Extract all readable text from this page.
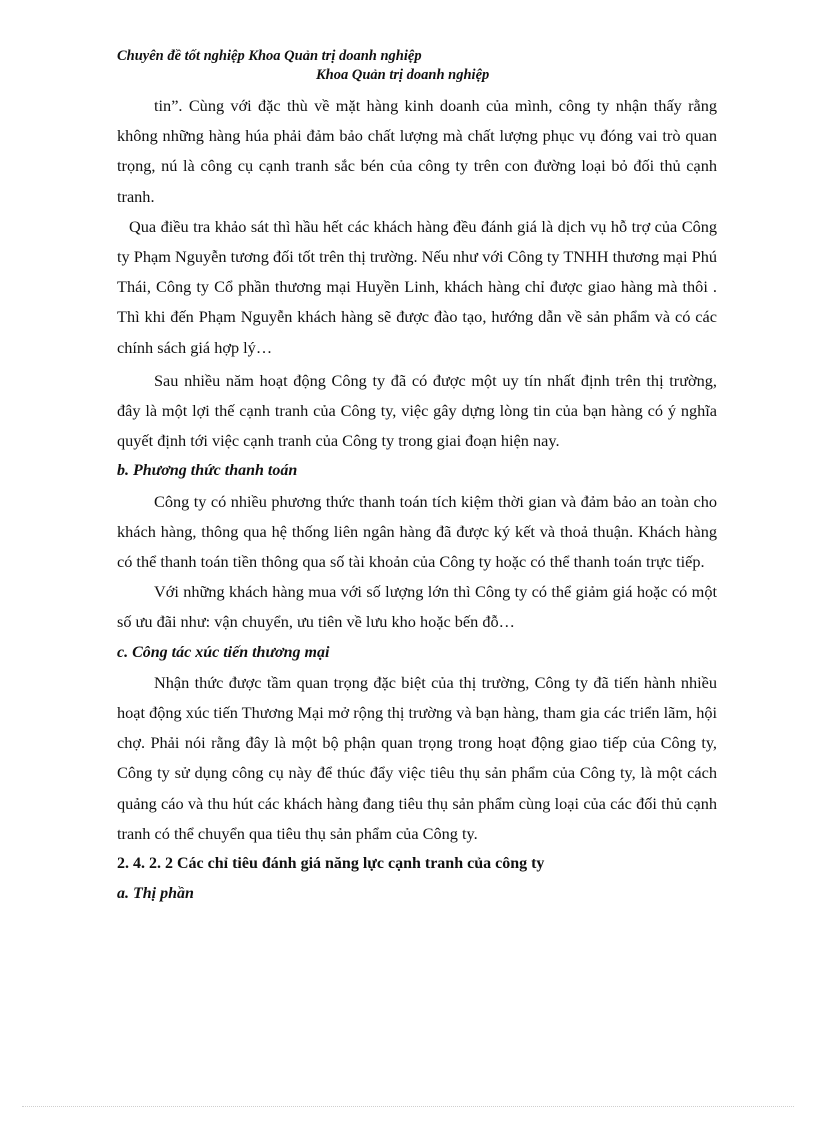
Chuyên đề tốt nghiệp Khoa Quản trị doanh nghiệp
Khoa Quản trị doanh nghiệp

tin”. Cùng với đặc thù về mặt hàng kinh doanh của mình, công ty nhận thấy rằng không những hàng húa phải đảm bảo chất lượng mà chất lượng phục vụ đóng vai trò quan trọng, nú là công cụ cạnh tranh sắc bén của công ty trên con đường loại bỏ đối thủ cạnh tranh.

Qua điều tra khảo sát thì hầu hết các khách hàng đều đánh giá là dịch vụ hỗ trợ của Công ty Phạm Nguyễn tương đối tốt trên thị trường. Nếu như với Công ty TNHH thương mại Phú Thái, Công ty Cổ phần thương mại Huyền Linh, khách hàng chỉ được giao hàng mà thôi . Thì khi đến Phạm Nguyễn khách hàng sẽ được đào tạo, hướng dẫn về sản phẩm và có các chính sách giá hợp lý…

Sau nhiều năm hoạt động Công ty đã có được một uy tín nhất định trên thị trường, đây là một lợi thế cạnh tranh của Công ty, việc gây dựng lòng tin của bạn hàng có ý nghĩa quyết định tới việc cạnh tranh của Công ty trong giai đoạn hiện nay.

b. Phương thức thanh toán

Công ty có nhiều phương thức thanh toán tích kiệm thời gian và đảm bảo an toàn cho khách hàng, thông qua hệ thống liên ngân hàng đã được ký kết và thoả thuận. Khách hàng có thể thanh toán tiền thông qua số tài khoản của Công ty hoặc có thể thanh toán trực tiếp.

Với những khách hàng mua với số lượng lớn thì Công ty có thể giảm giá hoặc có một số ưu đãi như: vận chuyển, ưu tiên về lưu kho hoặc bến đỗ…

c. Công tác xúc tiến thương mại

Nhận thức được tầm quan trọng đặc biệt của thị trường, Công ty đã tiến hành nhiều hoạt động xúc tiến Thương Mại mở rộng thị trường và bạn hàng, tham gia các triển lãm, hội chợ. Phải nói rằng đây là một bộ phận quan trọng trong hoạt động giao tiếp của Công ty, Công ty sử dụng công cụ này để thúc đẩy việc tiêu thụ sản phẩm của Công ty, là một cách quảng cáo và thu hút các khách hàng đang tiêu thụ sản phẩm cùng loại của các đối thủ cạnh tranh có thể chuyển qua tiêu thụ sản phẩm của Công ty.

2. 4. 2. 2 Các chỉ tiêu đánh giá năng lực cạnh tranh của công ty

a. Thị phần
